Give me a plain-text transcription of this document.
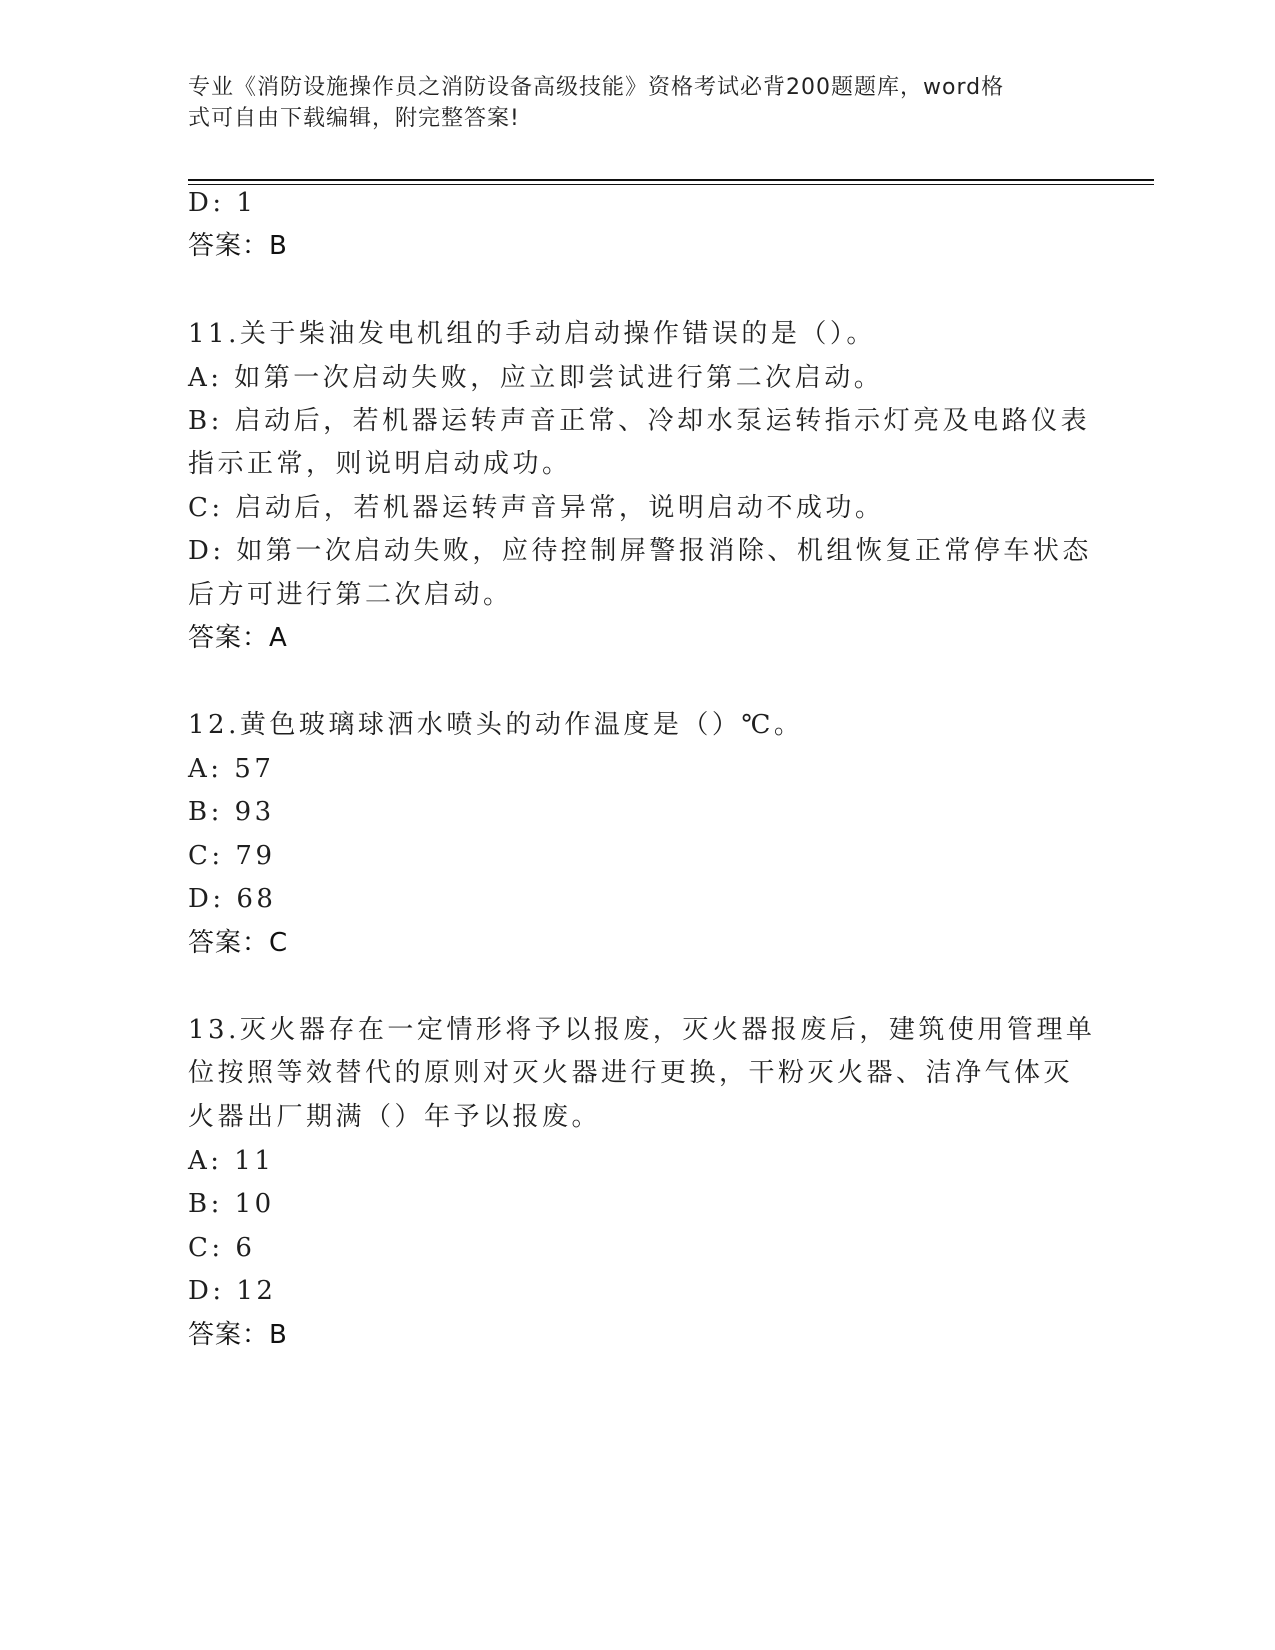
专业《消防设施操作员之消防设备高级技能》资格考试必背200题题库，word格
式可自由下载编辑，附完整答案!
D: 1
答案：B
11.关于柴油发电机组的手动启动操作错误的是（）。
A: 如第一次启动失败，应立即尝试进行第二次启动。
B: 启动后，若机器运转声音正常、冷却水泵运转指示灯亮及电路仪表
指示正常，则说明启动成功。
C: 启动后，若机器运转声音异常，说明启动不成功。
D: 如第一次启动失败，应待控制屏警报消除、机组恢复正常停车状态
后方可进行第二次启动。
答案：A
12.黄色玻璃球洒水喷头的动作温度是（）℃。
A: 57
B: 93
C: 79
D: 68
答案：C
13.灭火器存在一定情形将予以报废，灭火器报废后，建筑使用管理单
位按照等效替代的原则对灭火器进行更换，干粉灭火器、洁净气体灭
火器出厂期满（）年予以报废。
A: 11
B: 10
C: 6
D: 12
答案：B
